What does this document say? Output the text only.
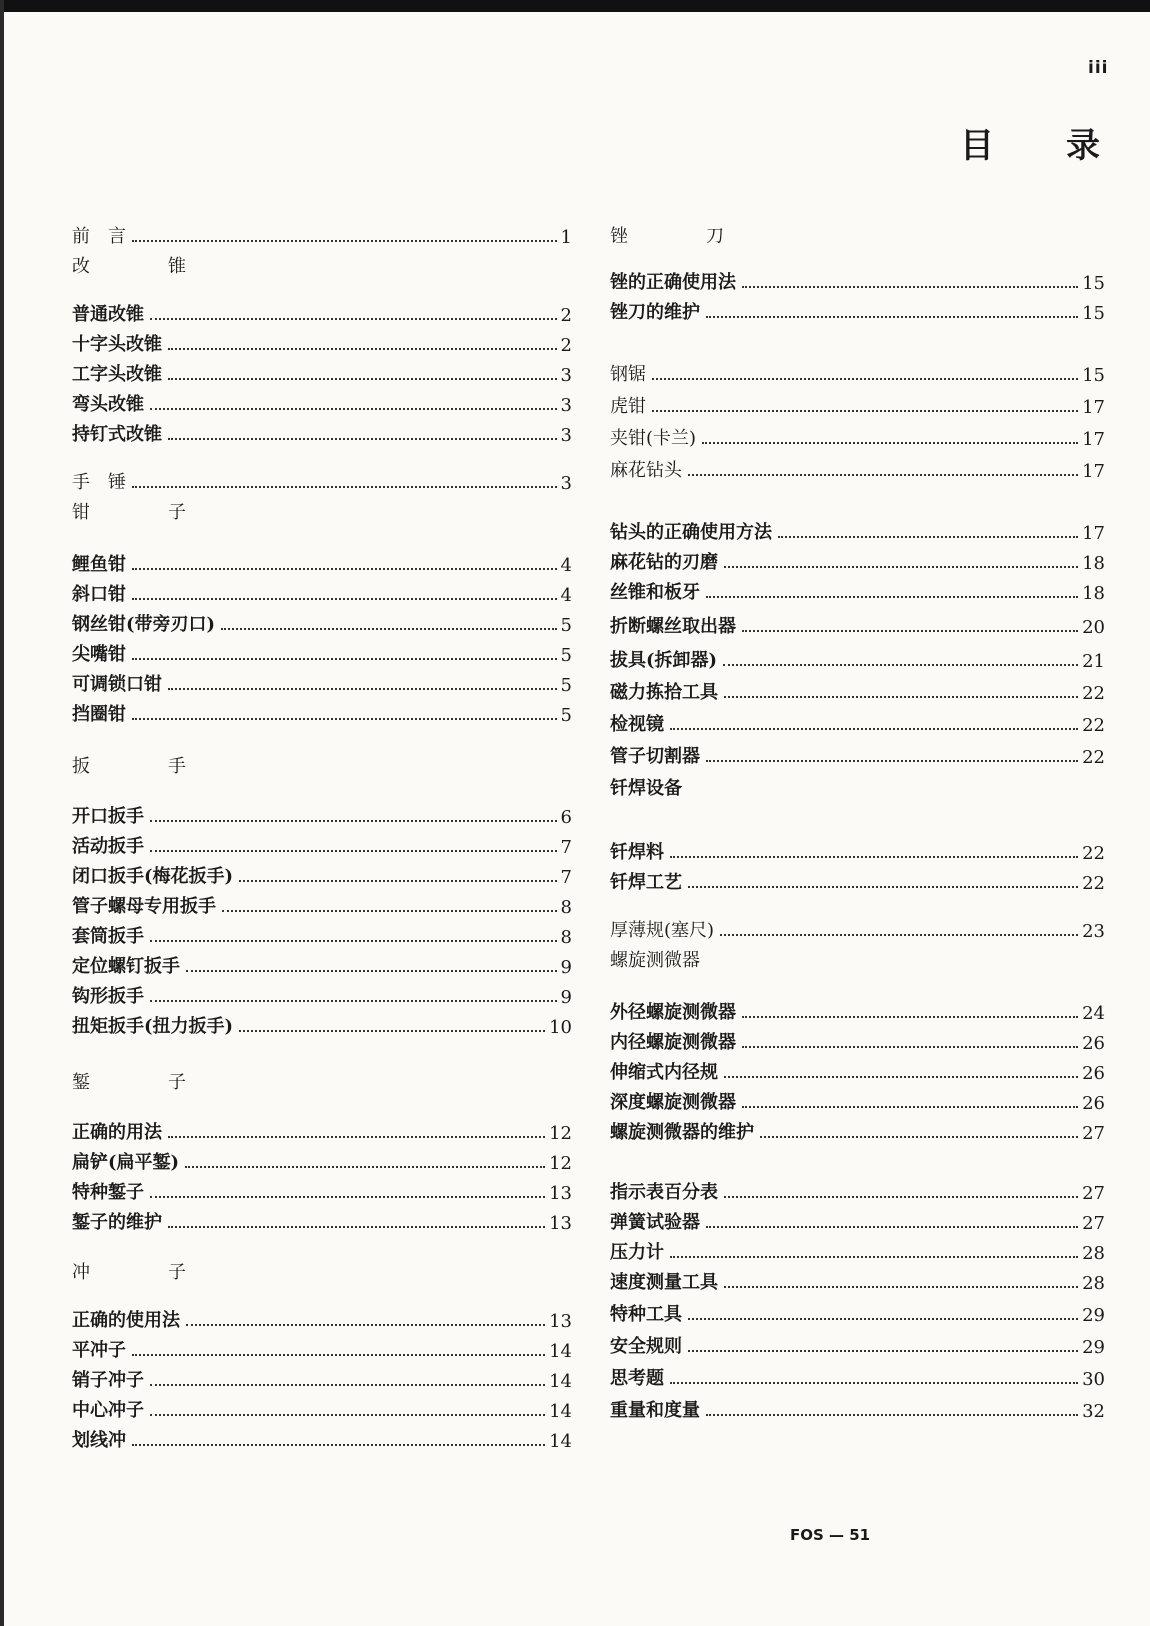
iii
目 录
前　言	1
改　锥
普通改锥	2
十字头改锥	2
工字头改锥	3
弯头改锥	3
持钉式改锥	3
手　锤	3
钳　子
鲤鱼钳	4
斜口钳	4
钢丝钳(带旁刃口)	5
尖嘴钳	5
可调锁口钳	5
挡圈钳	5
扳　手
开口扳手	6
活动扳手	7
闭口扳手(梅花扳手)	7
管子螺母专用扳手	8
套筒扳手	8
定位螺钉扳手	9
钩形扳手	9
扭矩扳手(扭力扳手)	10
錾　子
正确的用法	12
扁铲(扁平錾)	12
特种錾子	13
錾子的维护	13
冲　子
正确的使用法	13
平冲子	14
销子冲子	14
中心冲子	14
划线冲	14
锉　刀
锉的正确使用法	15
锉刀的维护	15
钢锯	15
虎钳	17
夹钳(卡兰)	17
麻花钻头	17
钻头的正确使用方法	17
麻花钻的刃磨	18
丝锥和板牙	18
折断螺丝取出器	20
拔具(拆卸器)	21
磁力拣拾工具	22
检视镜	22
管子切割器	22
钎焊设备
钎焊料	22
钎焊工艺	22
厚薄规(塞尺)	23
螺旋测微器
外径螺旋测微器	24
内径螺旋测微器	26
伸缩式内径规	26
深度螺旋测微器	26
螺旋测微器的维护	27
指示表百分表	27
弹簧试验器	27
压力计	28
速度测量工具	28
特种工具	29
安全规则	29
思考题	30
重量和度量	32
FOS — 51
